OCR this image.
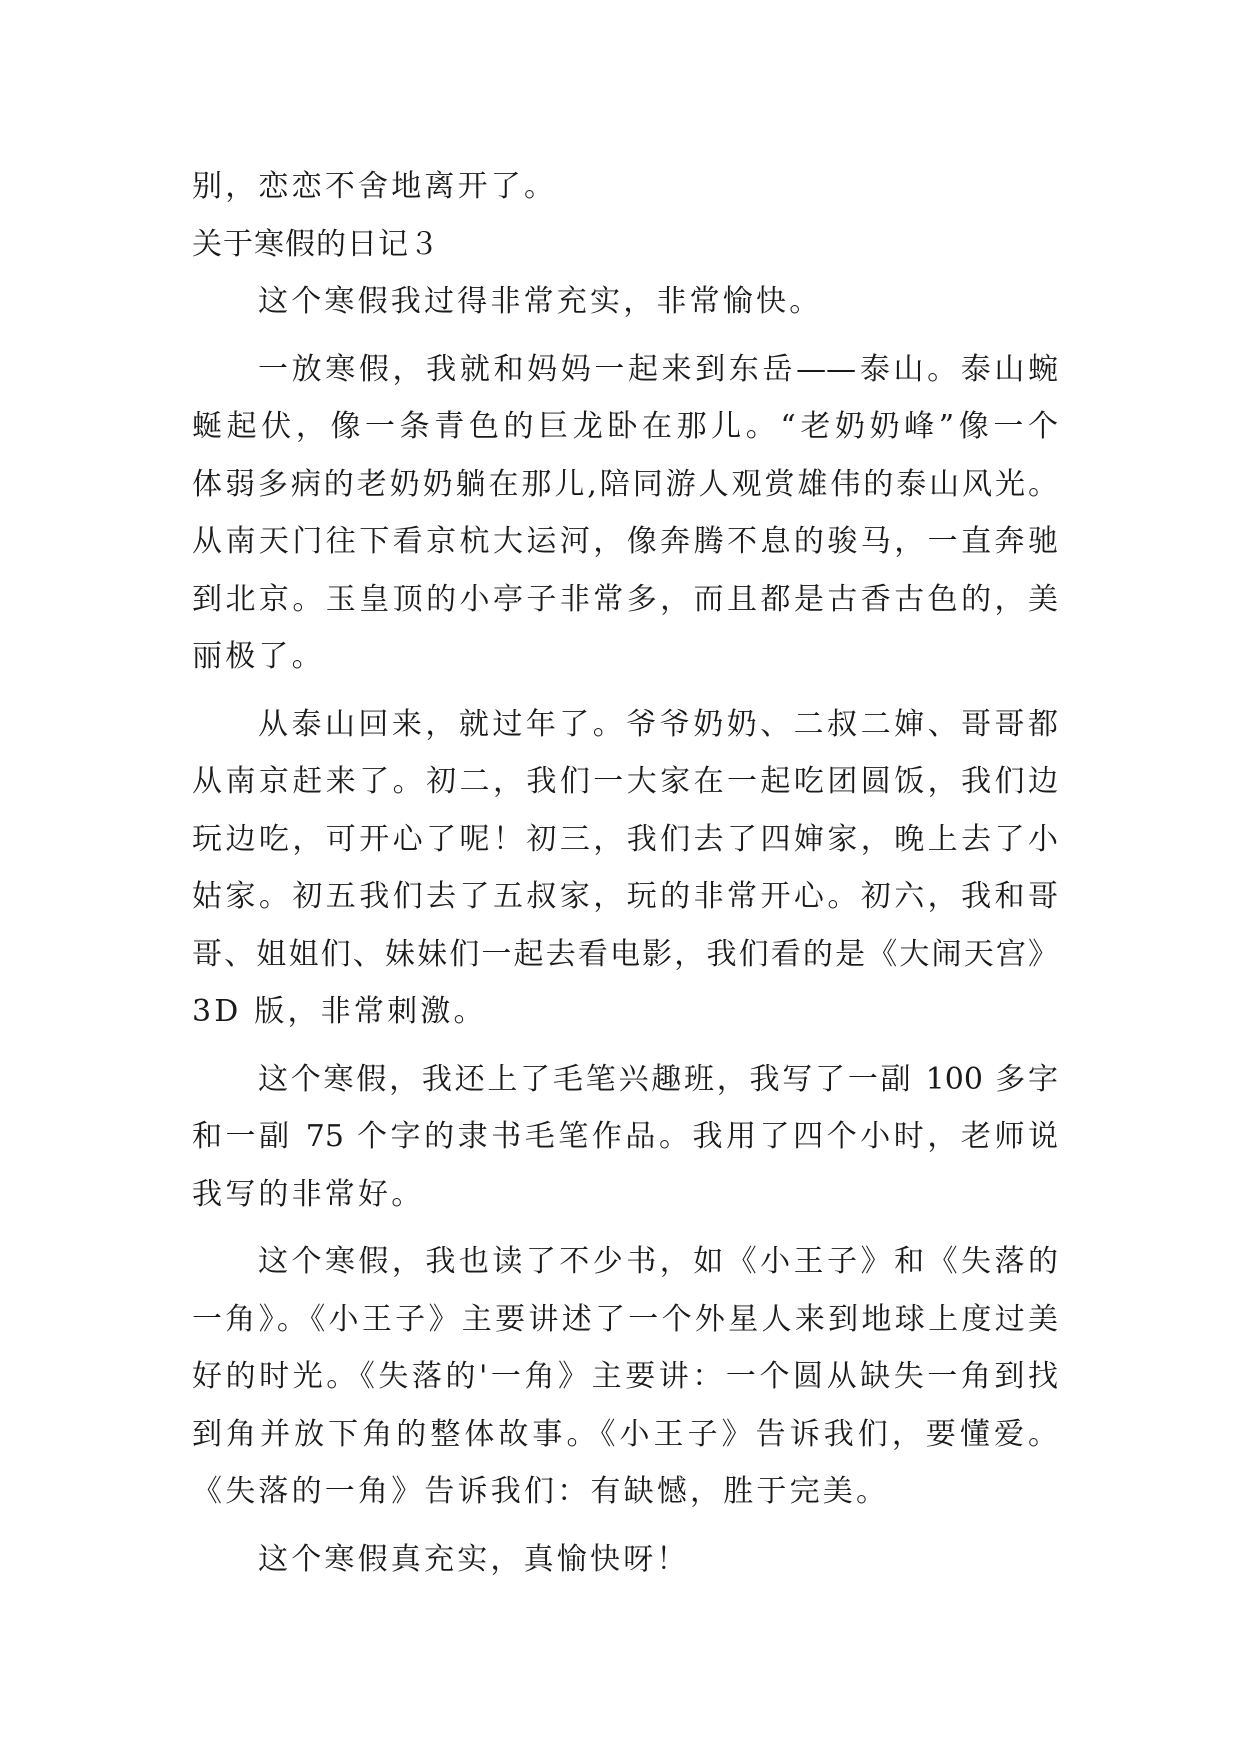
别，恋恋不舍地离开了。
关于寒假的日记３
这个寒假我过得非常充实，非常愉快。
一放寒假，我就和妈妈一起来到东岳——泰山。泰山蜿
蜒起伏，像一条青色的巨龙卧在那儿。“老奶奶峰”像一个
体弱多病的老奶奶躺在那儿,陪同游人观赏雄伟的泰山风光。
从南天门往下看京杭大运河，像奔腾不息的骏马，一直奔驰
到北京。玉皇顶的小亭子非常多，而且都是古香古色的，美
丽极了。
从泰山回来，就过年了。爷爷奶奶、二叔二婶、哥哥都
从南京赶来了。初二，我们一大家在一起吃团圆饭，我们边
玩边吃，可开心了呢！初三，我们去了四婶家，晚上去了小
姑家。初五我们去了五叔家，玩的非常开心。初六，我和哥
哥、姐姐们、妹妹们一起去看电影，我们看的是《大闹天宫》
3D 版，非常刺激。
这个寒假，我还上了毛笔兴趣班，我写了一副 100 多字
和一副 75 个字的隶书毛笔作品。我用了四个小时，老师说
我写的非常好。
这个寒假，我也读了不少书，如《小王子》和《失落的
一角》。《小王子》主要讲述了一个外星人来到地球上度过美
好的时光。《失落的'一角》主要讲：一个圆从缺失一角到找
到角并放下角的整体故事。《小王子》告诉我们，要懂爱。
《失落的一角》告诉我们：有缺憾，胜于完美。
这个寒假真充实，真愉快呀！
